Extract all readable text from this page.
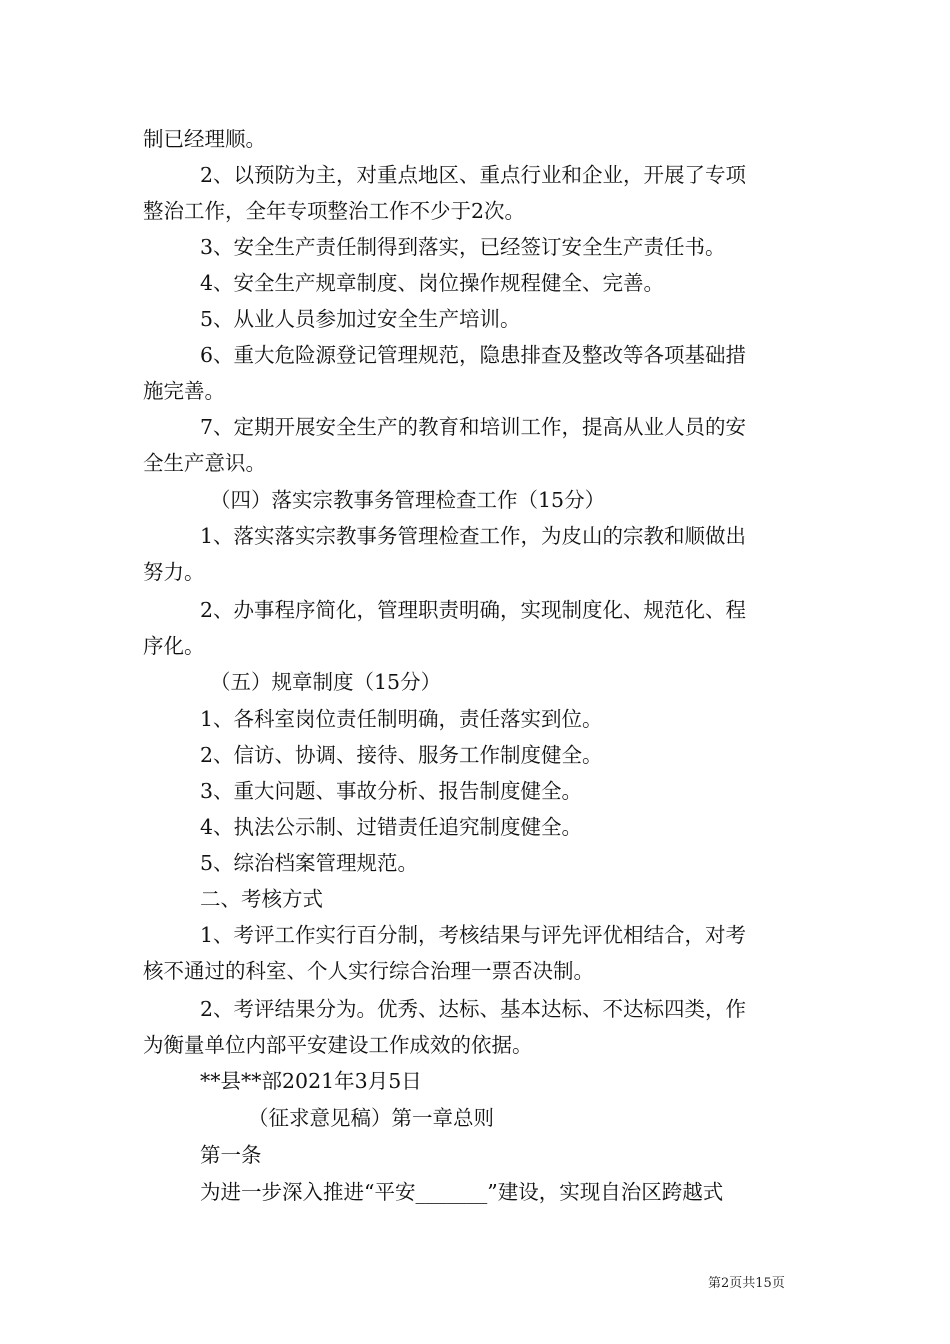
制已经理顺。
2、以预防为主，对重点地区、重点行业和企业，开展了专项
整治工作，全年专项整治工作不少于2次。
3、安全生产责任制得到落实，已经签订安全生产责任书。
4、安全生产规章制度、岗位操作规程健全、完善。
5、从业人员参加过安全生产培训。
6、重大危险源登记管理规范，隐患排查及整改等各项基础措
施完善。
7、定期开展安全生产的教育和培训工作，提高从业人员的安
全生产意识。
（四）落实宗教事务管理检查工作（15分）
1、落实落实宗教事务管理检查工作，为皮山的宗教和顺做出
努力。
2、办事程序简化，管理职责明确，实现制度化、规范化、程
序化。
（五）规章制度（15分）
1、各科室岗位责任制明确，责任落实到位。
2、信访、协调、接待、服务工作制度健全。
3、重大问题、事故分析、报告制度健全。
4、执法公示制、过错责任追究制度健全。
5、综治档案管理规范。
二、考核方式
1、考评工作实行百分制，考核结果与评先评优相结合，对考
核不通过的科室、个人实行综合治理一票否决制。
2、考评结果分为。优秀、达标、基本达标、不达标四类，作
为衡量单位内部平安建设工作成效的依据。
**县**部2021年3月5日
（征求意见稿）第一章总则
第一条
为进一步深入推进“平安_______”建设，实现自治区跨越式
第2页共15页
